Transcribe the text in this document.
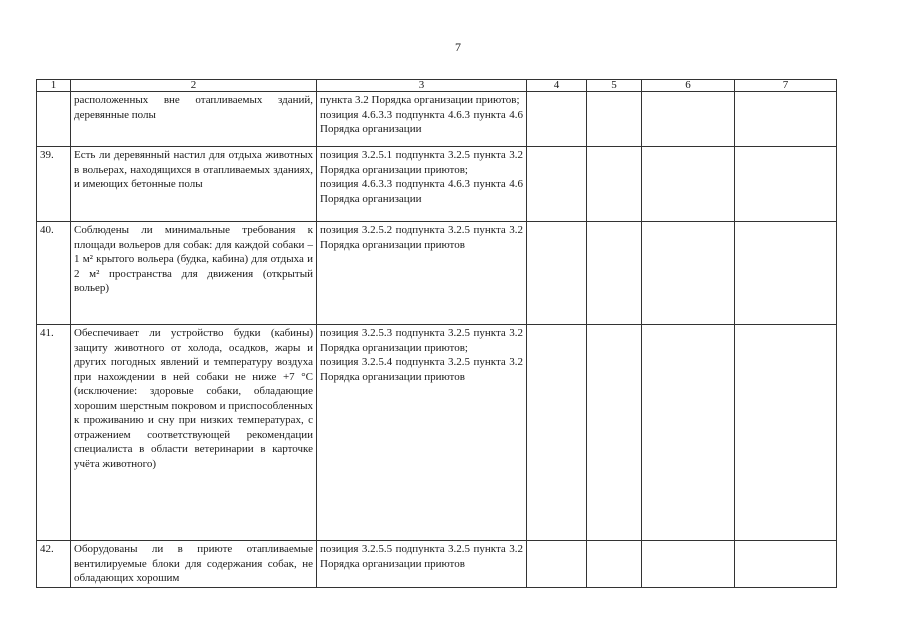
7
1	2	3	4	5	6	7
	расположенных вне отапливаемых зданий, деревянные полы	пункта 3.2 Порядка организации приютов;
позиция 4.6.3.3 подпункта 4.6.3 пункта 4.6 Порядка организации				

39.	Есть ли деревянный настил для отдыха животных в вольерах, находящихся в отапливаемых зданиях, и имеющих бетонные полы	позиция 3.2.5.1 подпункта 3.2.5 пункта 3.2 Порядка организации приютов;
позиция 4.6.3.3 подпункта 4.6.3 пункта 4.6 Порядка организации				

40.	Соблюдены ли минимальные требования к площади вольеров для собак: для каждой собаки – 1 м² крытого вольера (будка, кабина) для отдыха и 2 м² пространства для движения (открытый вольер)	позиция 3.2.5.2 подпункта 3.2.5 пункта 3.2 Порядка организации приютов				

41.	Обеспечивает ли устройство будки (кабины) защиту животного от холода, осадков, жары и других погодных явлений и температуру воздуха при нахождении в ней собаки не ниже +7 °С (исключение: здоровые собаки, обладающие хорошим шерстным покровом и приспособленных к проживанию и сну при низких температурах, с отражением соответствующей рекомендации специалиста в области ветеринарии в карточке учёта животного)	позиция 3.2.5.3 подпункта 3.2.5 пункта 3.2 Порядка организации приютов;
позиция 3.2.5.4 подпункта 3.2.5 пункта 3.2 Порядка организации приютов				

42.	Оборудованы ли в приюте отапливаемые вентилируемые блоки для содержания собак, не обладающих хорошим	позиция 3.2.5.5 подпункта 3.2.5 пункта 3.2 Порядка организации приютов				
